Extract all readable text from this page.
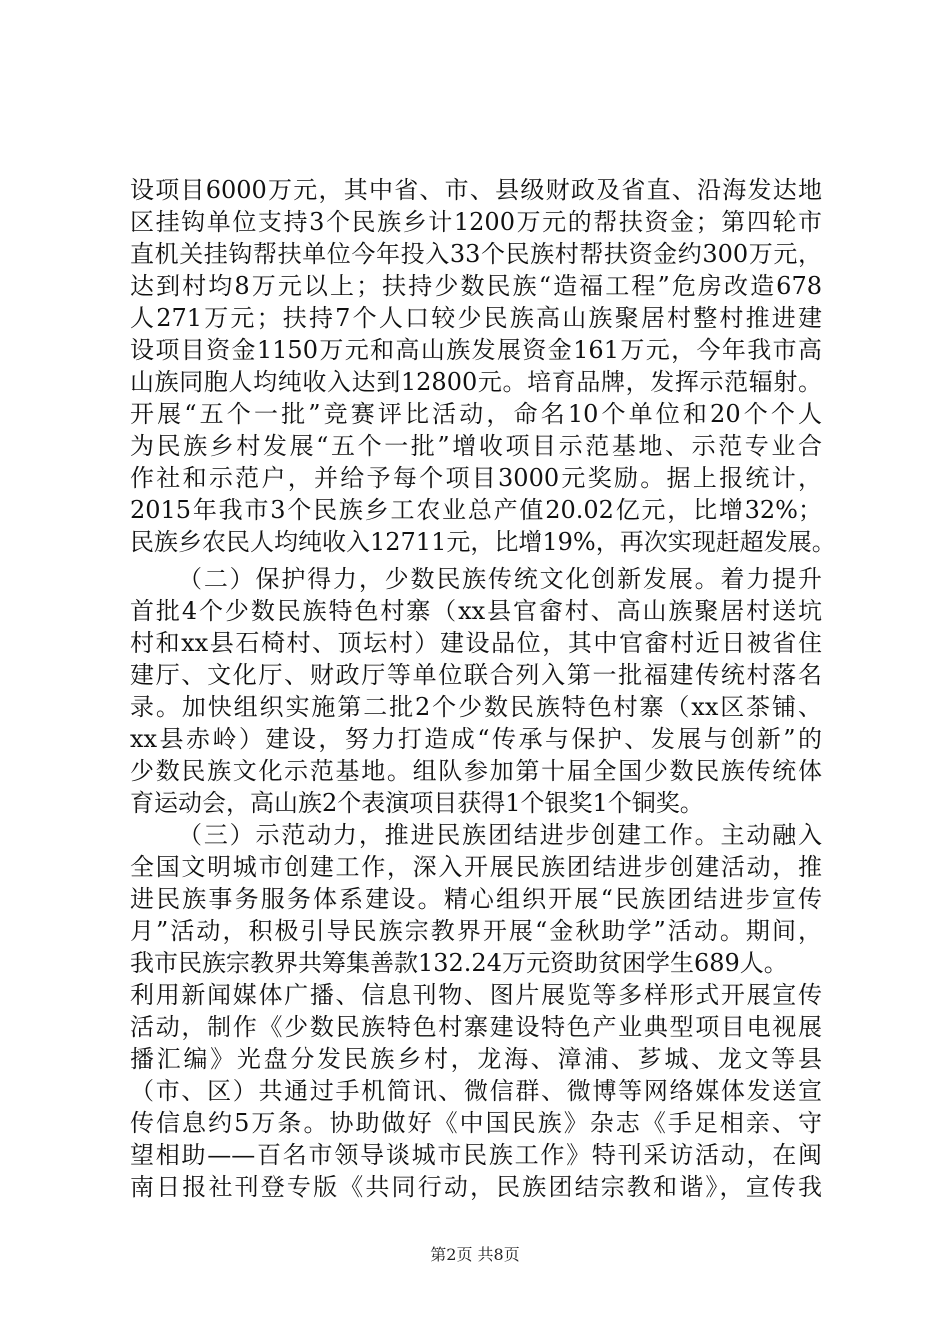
设项目6000万元，其中省、市、县级财政及省直、沿海发达地
区挂钩单位支持3个民族乡计1200万元的帮扶资金；第四轮市
直机关挂钩帮扶单位今年投入33个民族村帮扶资金约300万元，
达到村均8万元以上；扶持少数民族“造福工程”危房改造678
人271万元；扶持7个人口较少民族高山族聚居村整村推进建
设项目资金1150万元和高山族发展资金161万元，今年我市高
山族同胞人均纯收入达到12800元。培育品牌，发挥示范辐射。
开展“五个一批”竞赛评比活动，命名10个单位和20个个人
为民族乡村发展“五个一批”增收项目示范基地、示范专业合
作社和示范户，并给予每个项目3000元奖励。据上报统计，
2015年我市3个民族乡工农业总产值20.02亿元，比增32%；
民族乡农民人均纯收入12711元，比增19%，再次实现赶超发展。
（二）保护得力，少数民族传统文化创新发展。着力提升
首批4个少数民族特色村寨（xx县官畲村、高山族聚居村送坑
村和xx县石椅村、顶坛村）建设品位，其中官畲村近日被省住
建厅、文化厅、财政厅等单位联合列入第一批福建传统村落名
录。加快组织实施第二批2个少数民族特色村寨（xx区茶铺、
xx县赤岭）建设，努力打造成“传承与保护、发展与创新”的
少数民族文化示范基地。组队参加第十届全国少数民族传统体
育运动会，高山族2个表演项目获得1个银奖1个铜奖。
（三）示范动力，推进民族团结进步创建工作。主动融入
全国文明城市创建工作，深入开展民族团结进步创建活动，推
进民族事务服务体系建设。精心组织开展“民族团结进步宣传
月”活动，积极引导民族宗教界开展“金秋助学”活动。期间，
我市民族宗教界共筹集善款132.24万元资助贫困学生689人。
利用新闻媒体广播、信息刊物、图片展览等多样形式开展宣传
活动，制作《少数民族特色村寨建设特色产业典型项目电视展
播汇编》光盘分发民族乡村，龙海、漳浦、芗城、龙文等县
（市、区）共通过手机简讯、微信群、微博等网络媒体发送宣
传信息约5万条。协助做好《中国民族》杂志《手足相亲、守
望相助——百名市领导谈城市民族工作》特刊采访活动，在闽
南日报社刊登专版《共同行动，民族团结宗教和谐》，宣传我
第2页 共8页
